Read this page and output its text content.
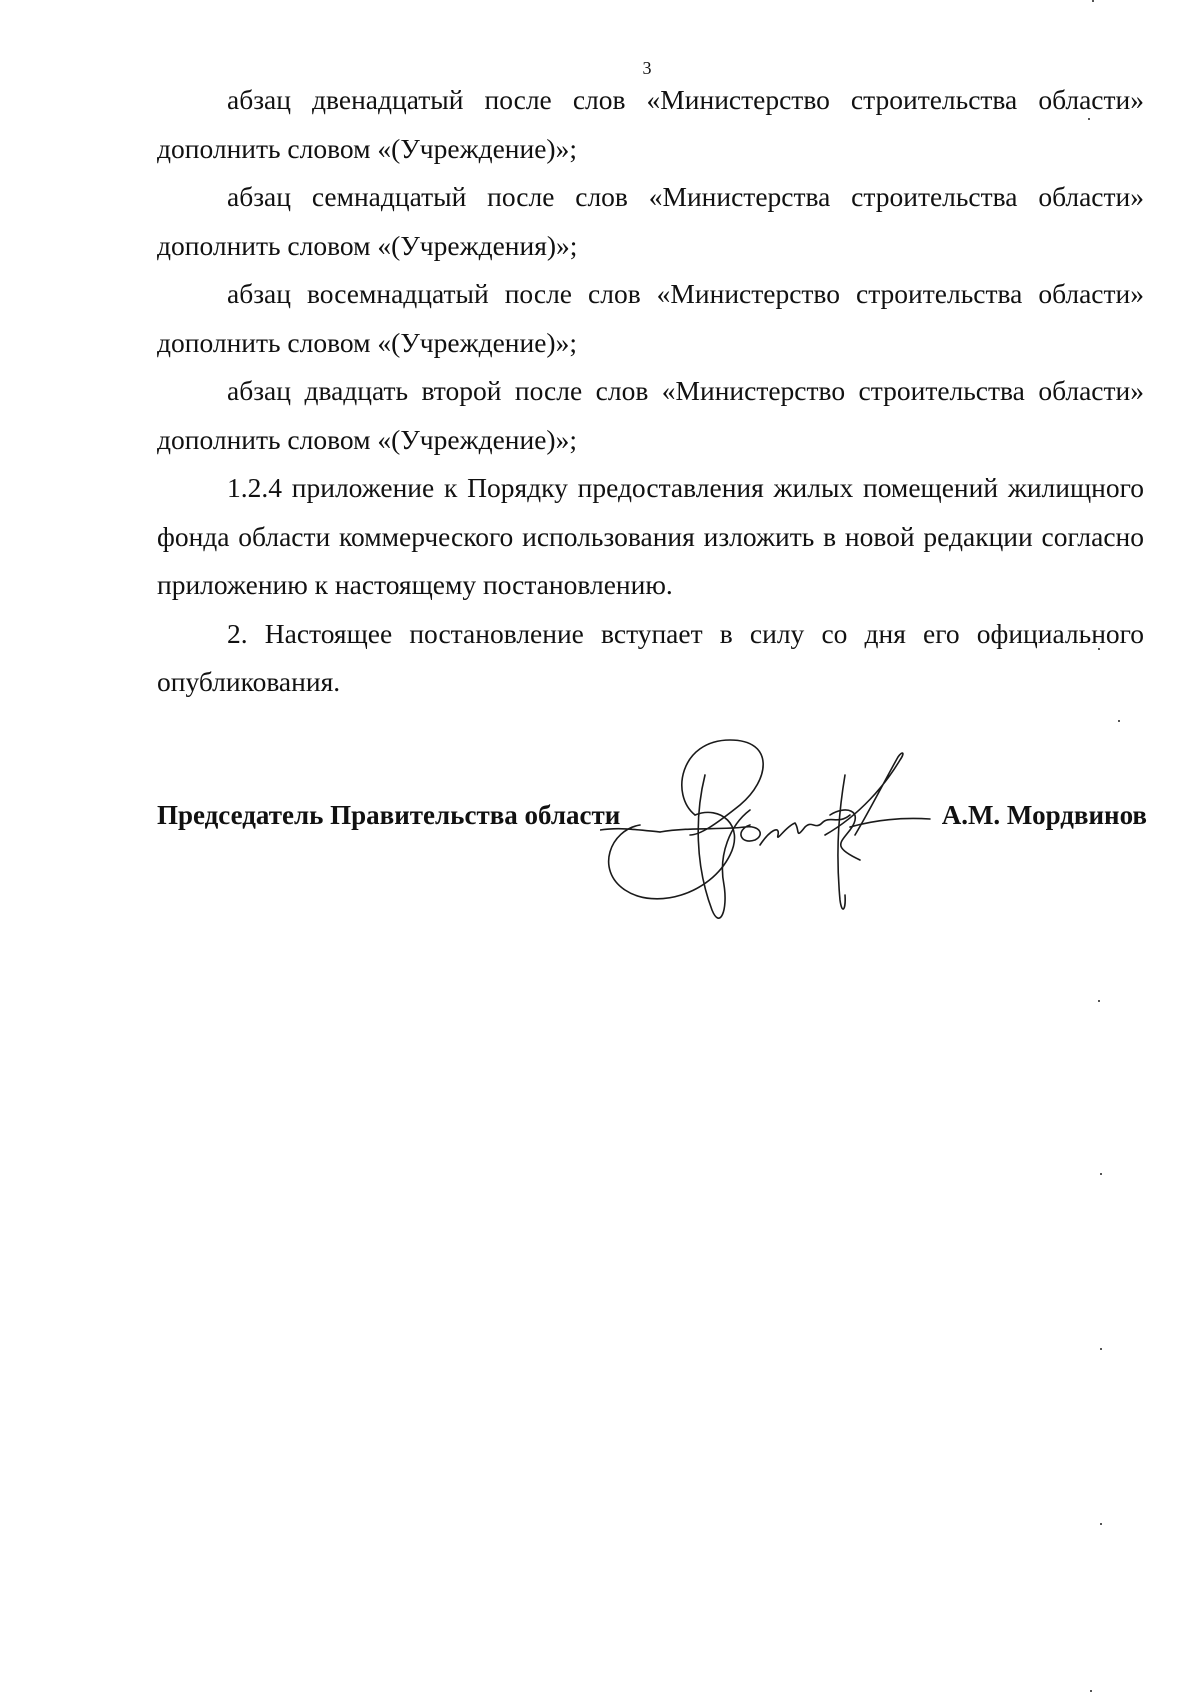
3

абзац двенадцатый после слов «Министерство строительства области» дополнить словом «(Учреждение)»;

абзац семнадцатый после слов «Министерства строительства области» дополнить словом «(Учреждения)»;

абзац восемнадцатый после слов «Министерство строительства области» дополнить словом «(Учреждение)»;

абзац двадцать второй после слов «Министерство строительства области» дополнить словом «(Учреждение)»;

1.2.4 приложение к Порядку предоставления жилых помещений жилищного фонда области коммерческого использования изложить в новой редакции согласно приложению к настоящему постановлению.

2. Настоящее постановление вступает в силу со дня его официального опубликования.

Председатель Правительства области	А.М. Мордвинов
